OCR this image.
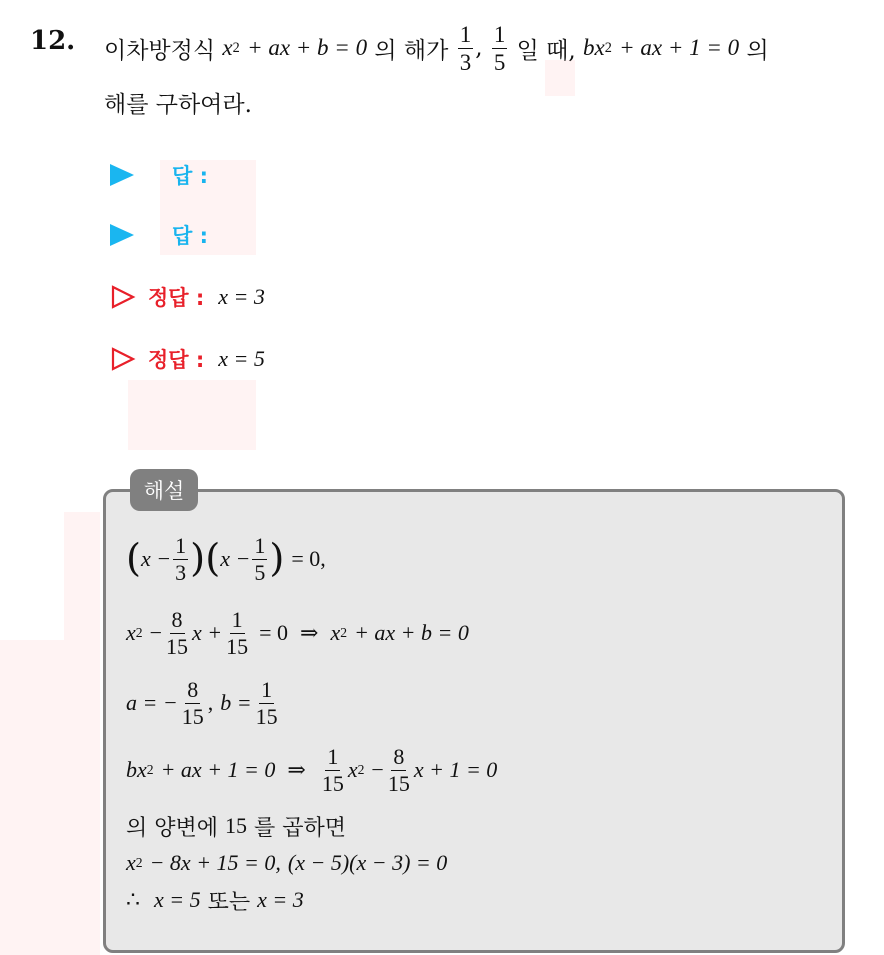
12. 이차방정식
x 2
+ ax + b = 0
의 해가
$\frac{1}{3}$ ,
$\frac{1}{5}$
일 때,
bx 2
+ ax + 1 = 0
의
해를 구하여라.
답 :
답 :
정답 : x = 3
정답 : x = 5
해설
( $x - \frac{1}{3}$ ) ( $x - \frac{1}{5}$ )
= 0,
x 2
− $\frac{8}{15}$ $x + \frac{1}{15}$
= 0 ⇒ x 2
+ ax + b = 0
a = − $\frac{8}{15}$ ,
$b = \frac{1}{15}$
bx 2
+ ax + 1 = 0 ⇒ $\frac{1}{15}$ x 2
− $\frac{8}{15}$ x + 1 = 0
의 양변에
15
를 곱하면
x 2
− 8x + 15 = 0,
(x − 5)(x − 3) = 0
∴
x = 5
또는
x = 3
